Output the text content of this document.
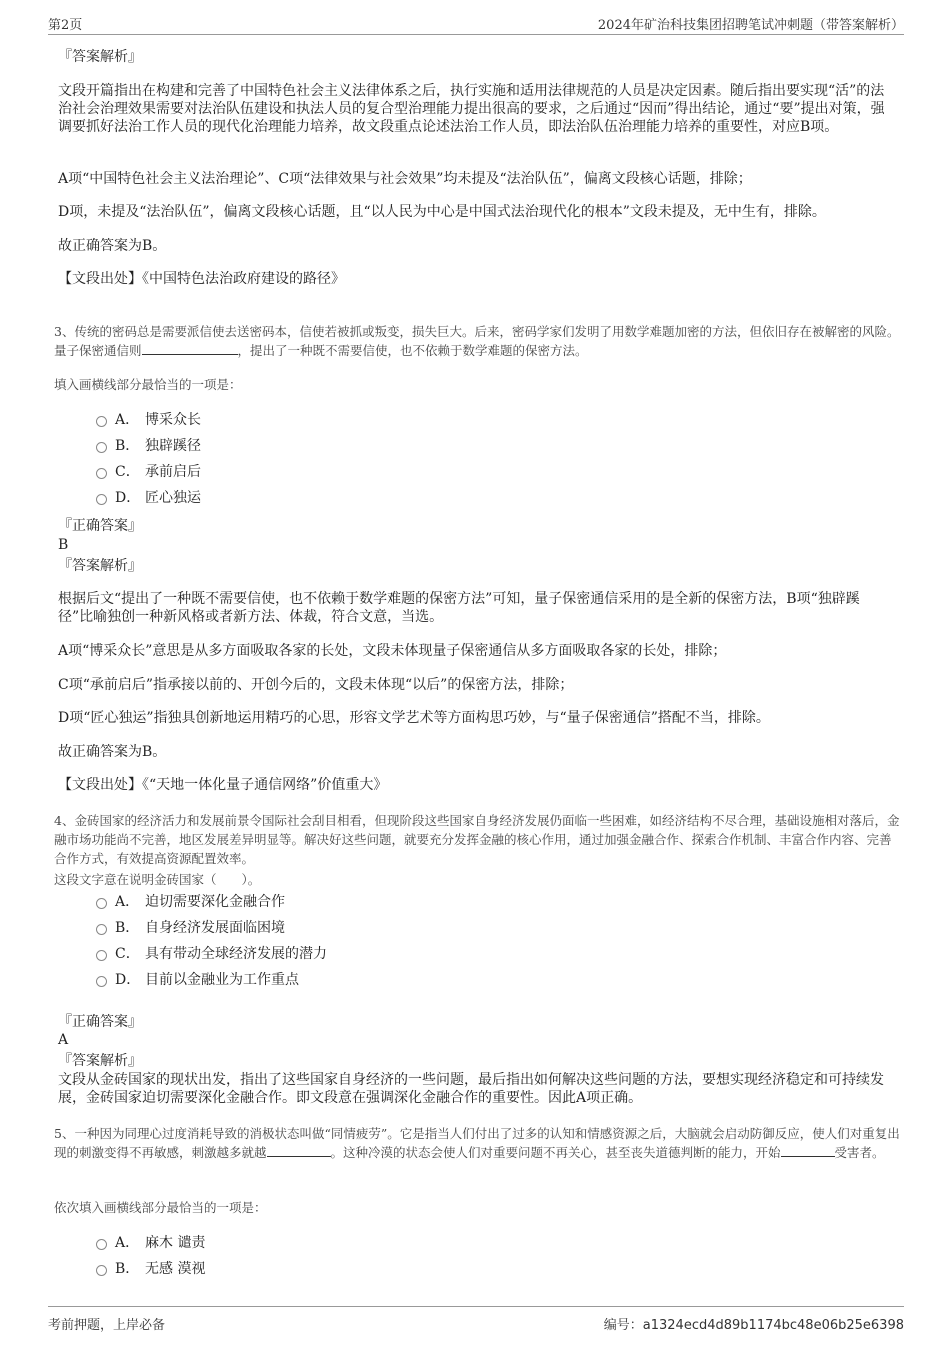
第2页	2024年矿治科技集团招聘笔试冲刺题（带答案解析）
『答案解析』
文段开篇指出在构建和完善了中国特色社会主义法律体系之后，执行实施和适用法律规范的人员是决定因素。随后指出要实现“活”的法治社会治理效果需要对法治队伍建设和执法人员的复合型治理能力提出很高的要求，之后通过“因而”得出结论，通过“要”提出对策，强调要抓好法治工作人员的现代化治理能力培养，故文段重点论述法治工作人员，即法治队伍治理能力培养的重要性，对应B项。
A项“中国特色社会主义法治理论”、C项“法律效果与社会效果”均未提及“法治队伍”，偏离文段核心话题，排除；
D项，未提及“法治队伍”，偏离文段核心话题，且“以人民为中心是中国式法治现代化的根本”文段未提及，无中生有，排除。
故正确答案为B。
【文段出处】《中国特色法治政府建设的路径》
3、传统的密码总是需要派信使去送密码本，信使若被抓或叛变，损失巨大。后来，密码学家们发明了用数学难题加密的方法，但依旧存在被解密的风险。量子保密通信则	，提出了一种既不需要信使，也不依赖于数学难题的保密方法。
填入画横线部分最恰当的一项是：
A． 博采众长
B． 独辟蹊径
C． 承前启后
D． 匠心独运
『正确答案』
B
『答案解析』
根据后文“提出了一种既不需要信使，也不依赖于数学难题的保密方法”可知，量子保密通信采用的是全新的保密方法，B项“独辟蹊径”比喻独创一种新风格或者新方法、体裁，符合文意，当选。
A项“博采众长”意思是从多方面吸取各家的长处，文段未体现量子保密通信从多方面吸取各家的长处，排除；
C项“承前启后”指承接以前的、开创今后的，文段未体现“以后”的保密方法，排除；
D项“匠心独运”指独具创新地运用精巧的心思，形容文学艺术等方面构思巧妙，与“量子保密通信”搭配不当，排除。
故正确答案为B。
【文段出处】《“天地一体化量子通信网络”价值重大》
4、金砖国家的经济活力和发展前景令国际社会刮目相看，但现阶段这些国家自身经济发展仍面临一些困难，如经济结构不尽合理，基础设施相对落后，金融市场功能尚不完善，地区发展差异明显等。解决好这些问题，就要充分发挥金融的核心作用，通过加强金融合作、探索合作机制、丰富合作内容、完善合作方式，有效提高资源配置效率。
这段文字意在说明金砖国家（　　）。
A． 迫切需要深化金融合作
B． 自身经济发展面临困境
C． 具有带动全球经济发展的潜力
D． 目前以金融业为工作重点
『正确答案』
A
『答案解析』
文段从金砖国家的现状出发，指出了这些国家自身经济的一些问题，最后指出如何解决这些问题的方法，要想实现经济稳定和可持续发展，金砖国家迫切需要深化金融合作。即文段意在强调深化金融合作的重要性。因此A项正确。
5、一种因为同理心过度消耗导致的消极状态叫做“同情疲劳”。它是指当人们付出了过多的认知和情感资源之后，大脑就会启动防御反应，使人们对重复出现的刺激变得不再敏感，刺激越多就越	。这种冷漠的状态会使人们对重要问题不再关心，甚至丧失道德判断的能力，开始	受害者。
依次填入画横线部分最恰当的一项是：
A． 麻木 谴责
B． 无感 漠视
考前押题，上岸必备	编号：a1324ecd4d89b1174bc48e06b25e6398
